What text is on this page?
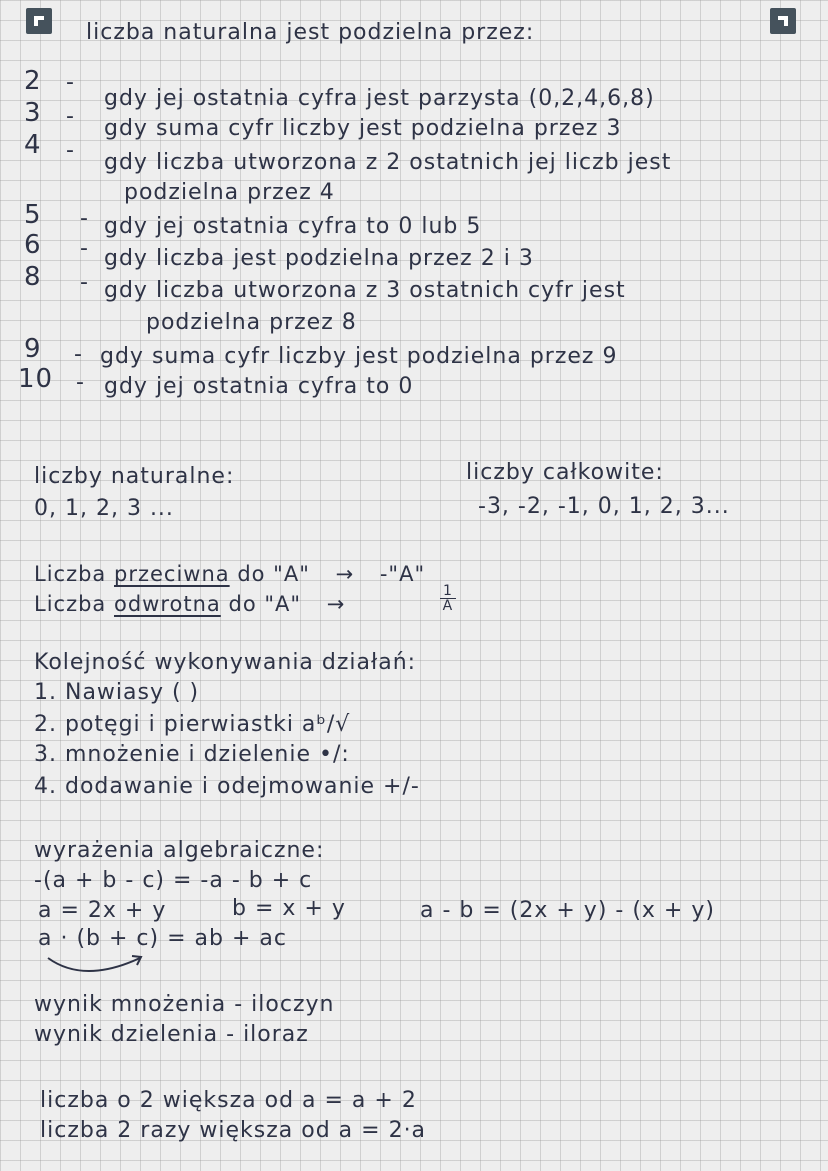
liczba naturalna jest podzielna przez:
2 -
gdy jej ostatnia cyfra jest parzysta (0,2,4,6,8)
3 - gdy suma cyfr liczby jest podzielna przez 3
4 - gdy liczba utworzona z 2 ostatnich jej liczb jest
podzielna przez 4
5 - gdy jej ostatnia cyfra to 0 lub 5
6 - gdy liczba jest podzielna przez 2 i 3
8 - gdy liczba utworzona z 3 ostatnich cyfr jest
podzielna przez 8
9 - gdy suma cyfr liczby jest podzielna przez 9
10 - gdy jej ostatnia cyfra to 0
liczby naturalne:
0, 1, 2, 3 ...
liczby całkowite:
-3, -2, -1, 0, 1, 2, 3...
Liczba przeciwna do "A" → -"A"
Liczba odwrotna do "A" →	$\frac{1}{A}$
Kolejność wykonywania działań:
1. Nawiasy ( )
2. potęgi i pierwiastki aᵇ/√
3. mnożenie i dzielenie •/:
4. dodawanie i odejmowanie +/-
wyrażenia algebraiczne:
-(a + b - c) = -a - b + c
a = 2x + y	b = x + y	a - b = (2x + y) - (x + y)
a · (b + c) = ab + ac
wynik mnożenia - iloczyn
wynik dzielenia - iloraz
liczba o 2 większa od a = a + 2
liczba 2 razy większa od a = 2·a
